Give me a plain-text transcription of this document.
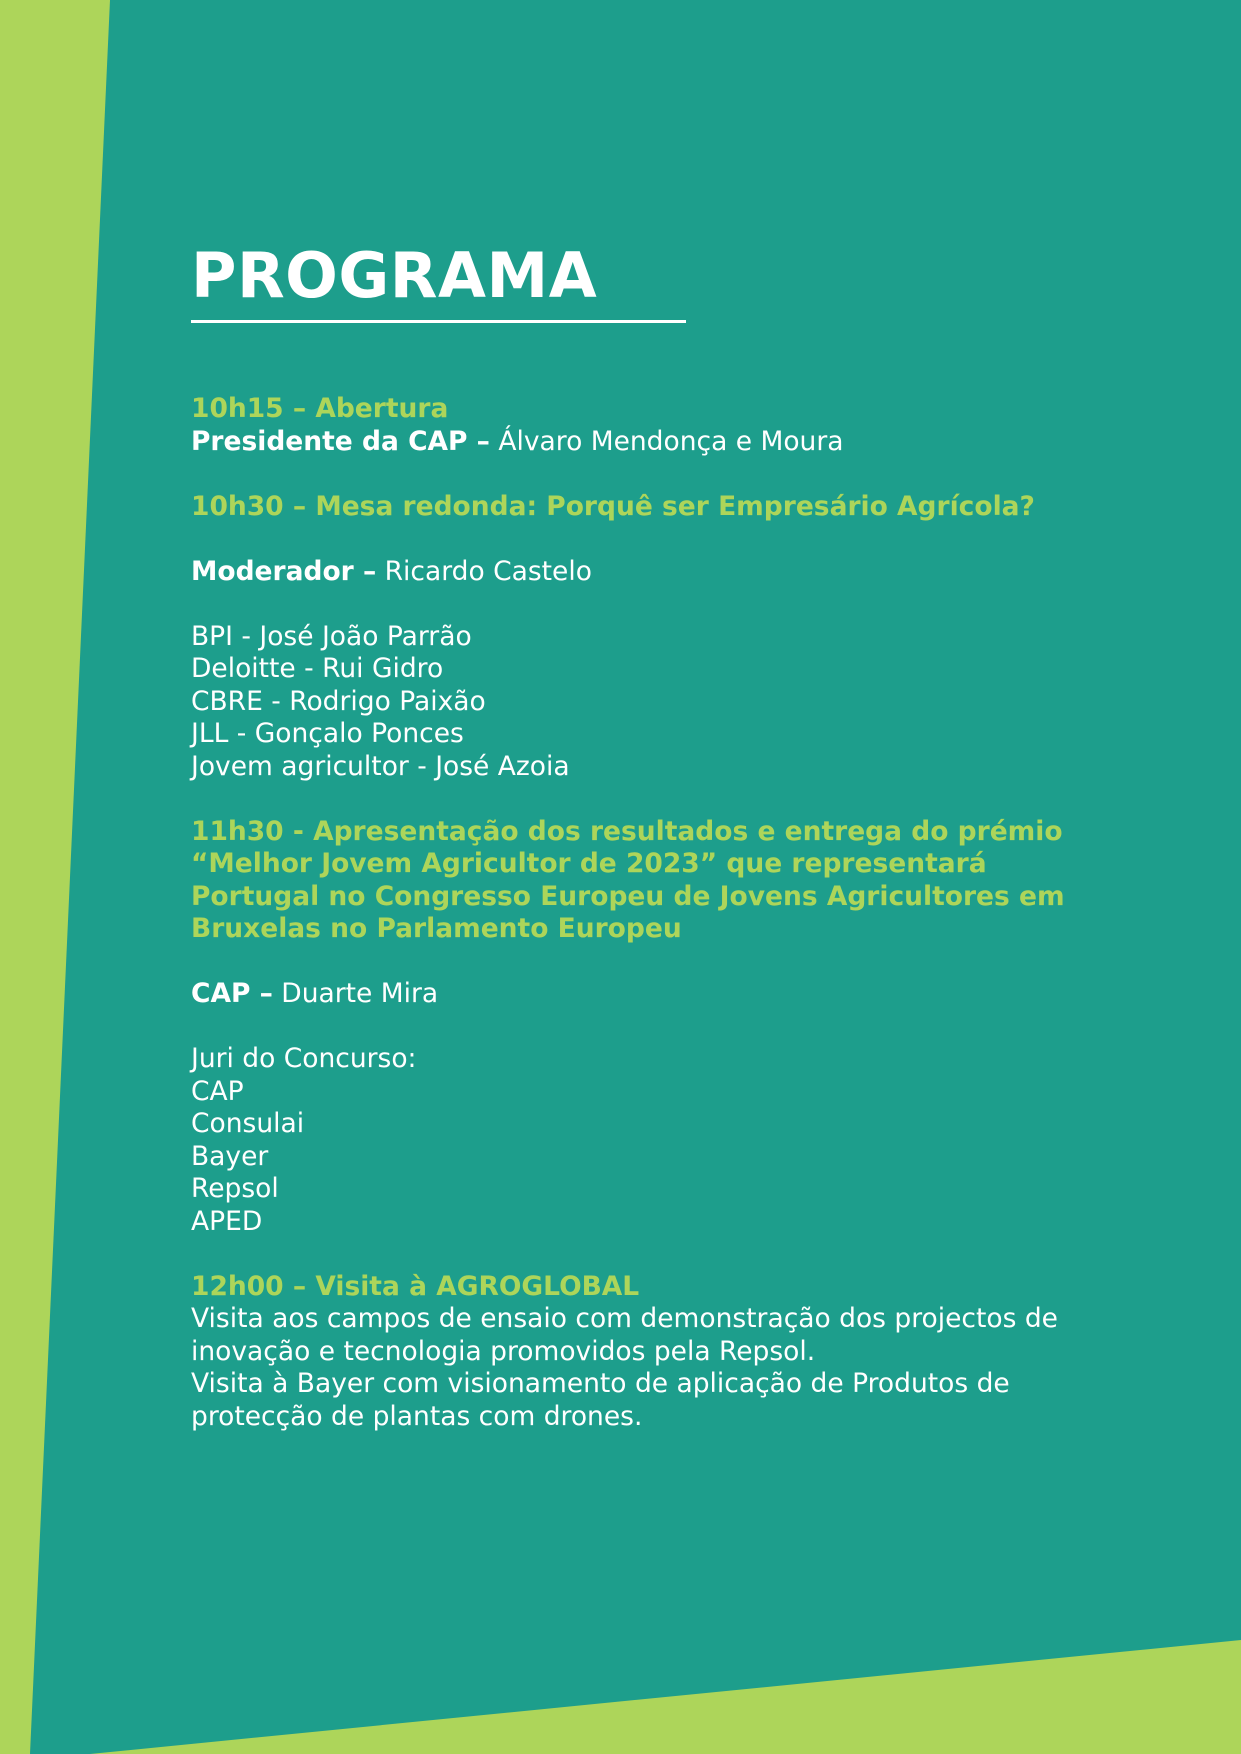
PROGRAMA
10h15 – Abertura
Presidente da CAP – Álvaro Mendonça e Moura
10h30 – Mesa redonda: Porquê ser Empresário Agrícola?
Moderador – Ricardo Castelo
BPI - José João Parrão
Deloitte - Rui Gidro
CBRE - Rodrigo Paixão
JLL - Gonçalo Ponces
Jovem agricultor - José Azoia
11h30 - Apresentação dos resultados e entrega do prémio
“Melhor Jovem Agricultor de 2023” que representará
Portugal no Congresso Europeu de Jovens Agricultores em
Bruxelas no Parlamento Europeu
CAP – Duarte Mira
Juri do Concurso:
CAP
Consulai
Bayer
Repsol
APED
12h00 – Visita à AGROGLOBAL
Visita aos campos de ensaio com demonstração dos projectos de
inovação e tecnologia promovidos pela Repsol.
Visita à Bayer com visionamento de aplicação de Produtos de
protecção de plantas com drones.
